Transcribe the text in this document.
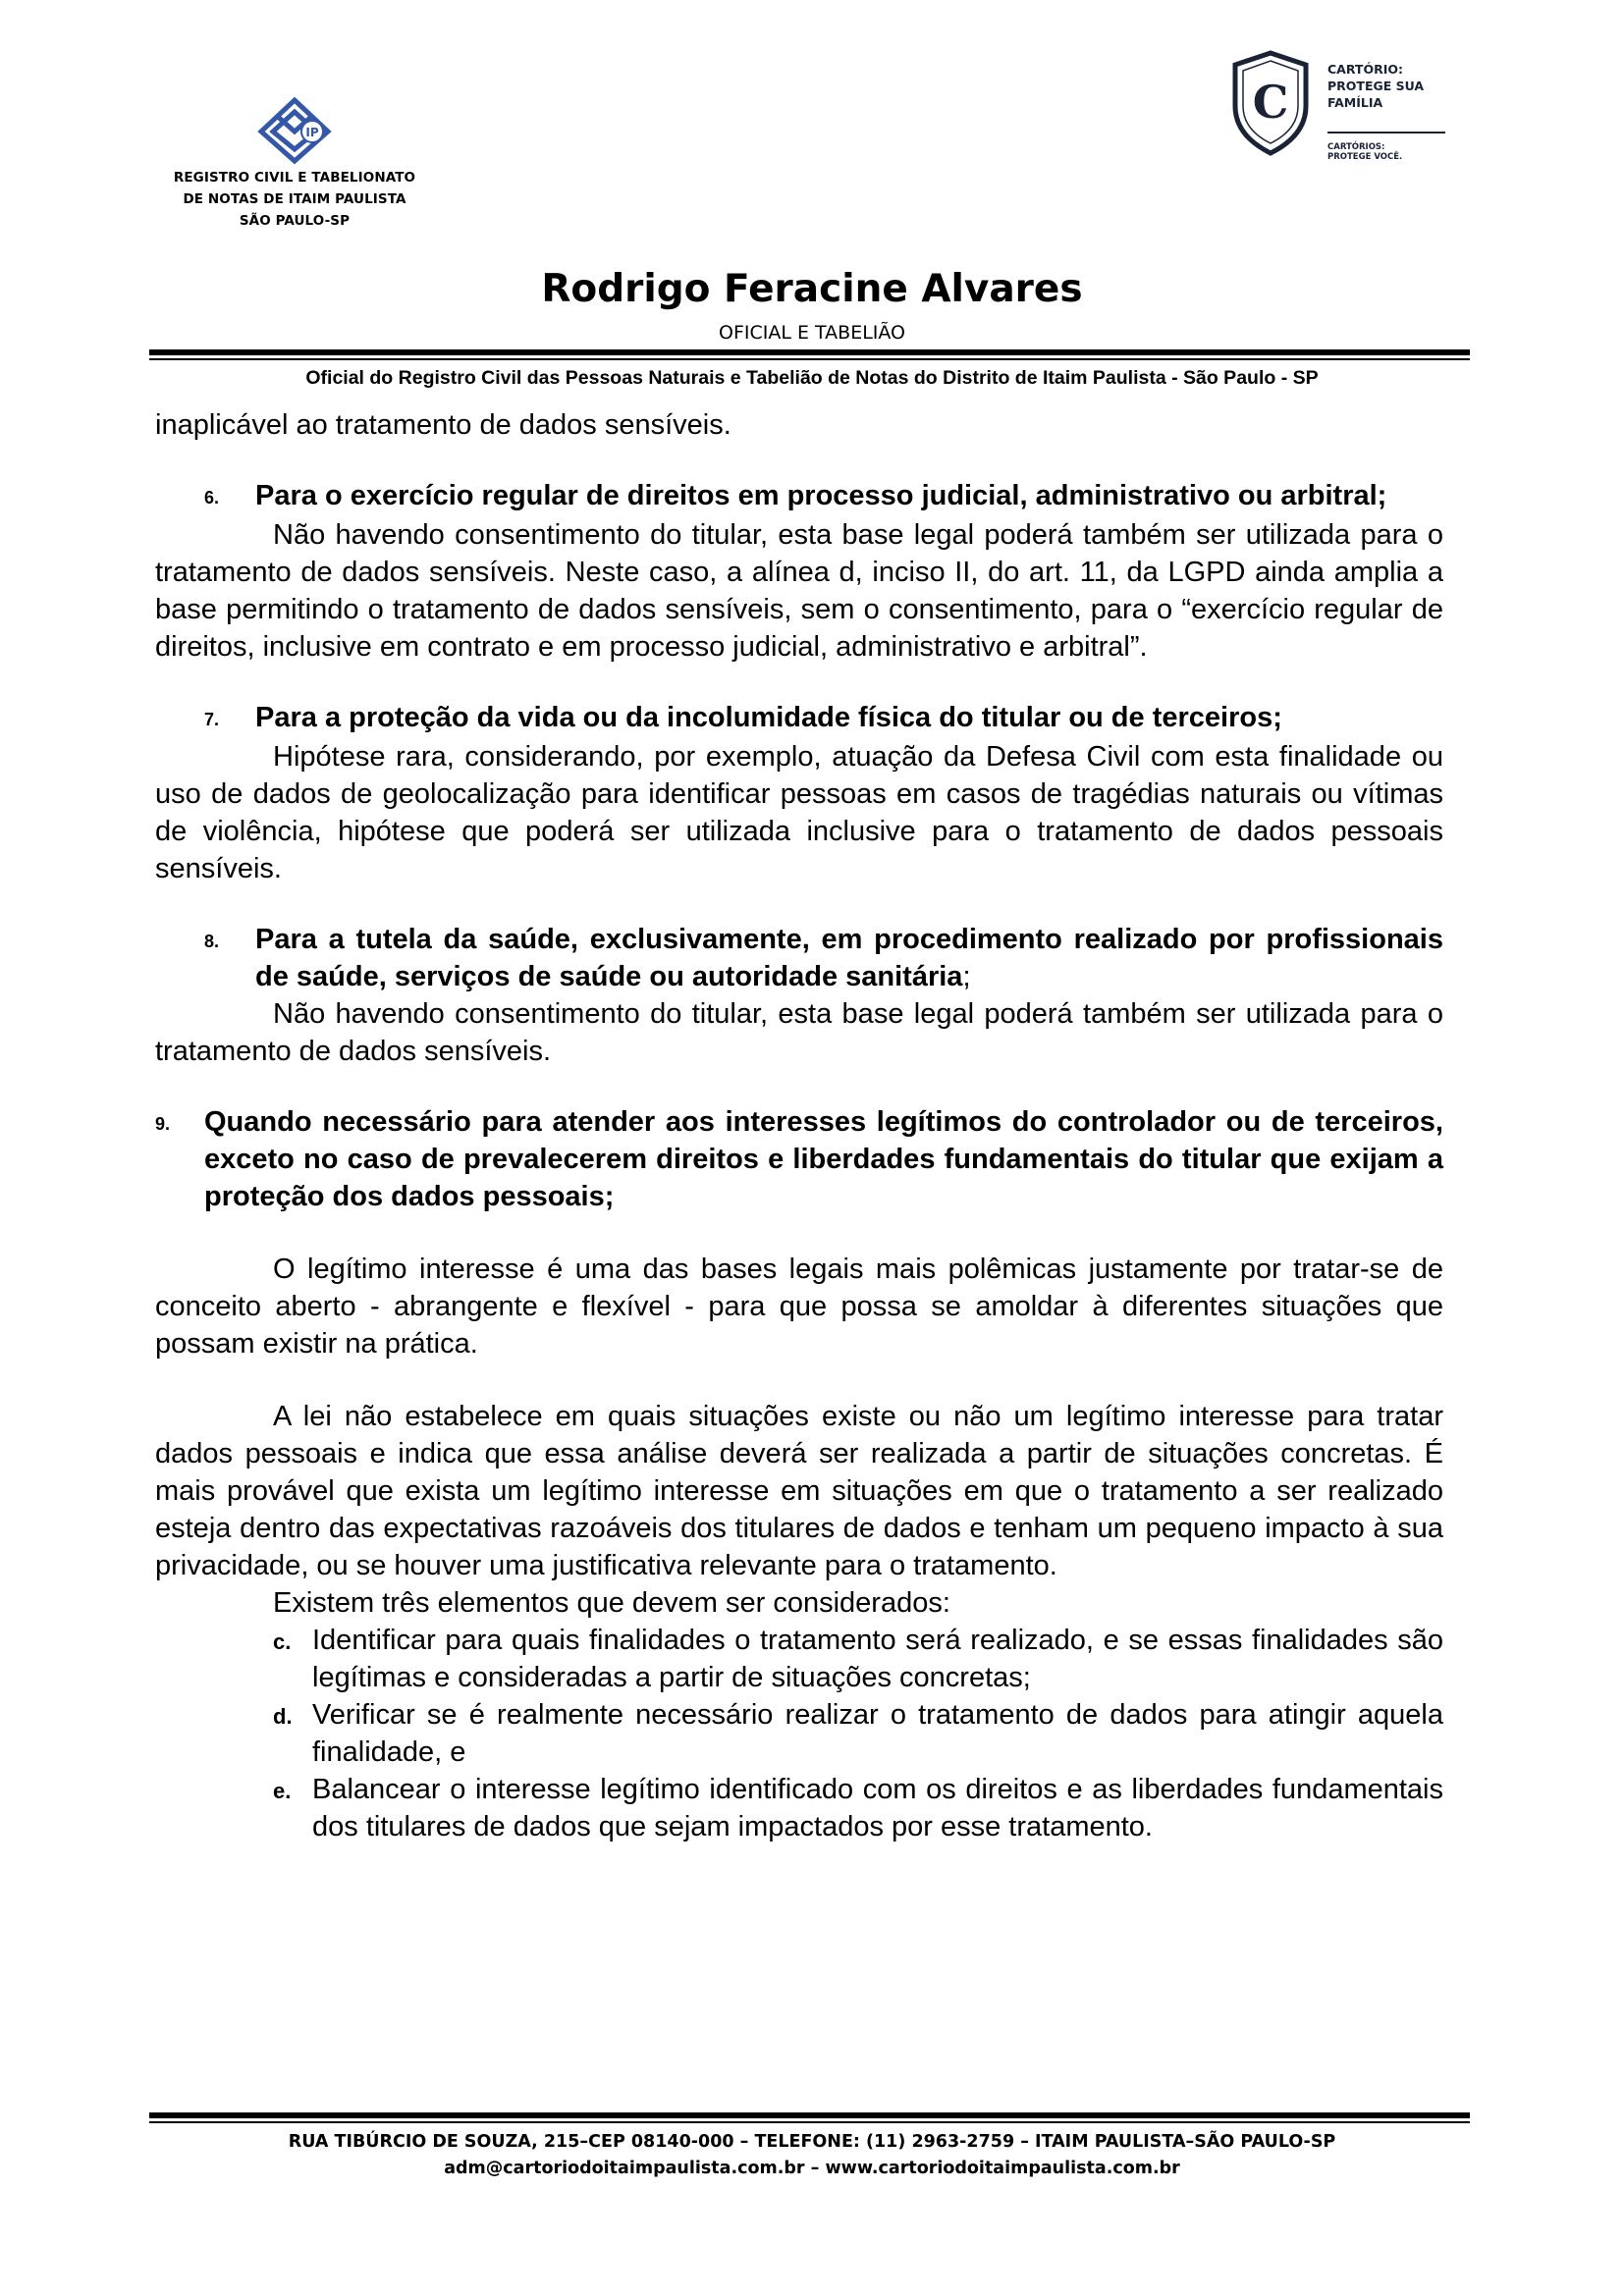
IP
REGISTRO CIVIL E TABELIONATO
DE NOTAS DE ITAIM PAULISTA
SÃO PAULO-SP
C
CARTÓRIO:
PROTEGE SUA
FAMÍLIA
CARTÓRIOS:
PROTEGE VOCÊ.
Rodrigo Feracine Alvares
OFICIAL E TABELIÃO
Oficial do Registro Civil das Pessoas Naturais e Tabelião de Notas do Distrito de Itaim Paulista - São Paulo - SP

inaplicável ao tratamento de dados sensíveis.

6.	Para o exercício regular de direitos em processo judicial, administrativo ou arbitral;

Não havendo consentimento do titular, esta base legal poderá também ser utilizada para o tratamento de dados sensíveis. Neste caso, a alínea d, inciso II, do art. 11, da LGPD ainda amplia a base permitindo o tratamento de dados sensíveis, sem o consentimento, para o “exercício regular de direitos, inclusive em contrato e em processo judicial, administrativo e arbitral”.

7.	Para a proteção da vida ou da incolumidade física do titular ou de terceiros;

Hipótese rara, considerando, por exemplo, atuação da Defesa Civil com esta finalidade ou uso de dados de geolocalização para identificar pessoas em casos de tragédias naturais ou vítimas de violência, hipótese que poderá ser utilizada inclusive para o tratamento de dados pessoais sensíveis.

8.	Para a tutela da saúde, exclusivamente, em procedimento realizado por profissionais de saúde, serviços de saúde ou autoridade sanitária;

Não havendo consentimento do titular, esta base legal poderá também ser utilizada para o tratamento de dados sensíveis.

9.	Quando necessário para atender aos interesses legítimos do controlador ou de terceiros, exceto no caso de prevalecerem direitos e liberdades fundamentais do titular que exijam a proteção dos dados pessoais;

O legítimo interesse é uma das bases legais mais polêmicas justamente por tratar-se de conceito aberto - abrangente e flexível - para que possa se amoldar à diferentes situações que possam existir na prática.

A lei não estabelece em quais situações existe ou não um legítimo interesse para tratar dados pessoais e indica que essa análise deverá ser realizada a partir de situações concretas. É mais provável que exista um legítimo interesse em situações em que o tratamento a ser realizado esteja dentro das expectativas razoáveis dos titulares de dados e tenham um pequeno impacto à sua privacidade, ou se houver uma justificativa relevante para o tratamento.

Existem três elementos que devem ser considerados:

c. Identificar para quais finalidades o tratamento será realizado, e se essas finalidades são legítimas e consideradas a partir de situações concretas;
d. Verificar se é realmente necessário realizar o tratamento de dados para atingir aquela finalidade, e
e. Balancear o interesse legítimo identificado com os direitos e as liberdades fundamentais dos titulares de dados que sejam impactados por esse tratamento.
RUA TIBÚRCIO DE SOUZA, 215–CEP 08140-000 – TELEFONE: (11) 2963-2759 – ITAIM PAULISTA–SÃO PAULO-SP
adm@cartoriodoitaimpaulista.com.br – www.cartoriodoitaimpaulista.com.br
